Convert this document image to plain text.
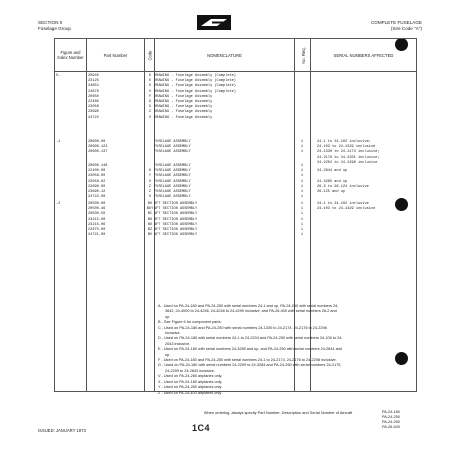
SECTION II
Fuselage Group
COMPLETE FUSELAGE
(Sire Code "A")
Figure and Index Number	Part Number	Code	NOMENCLATURE	No. Req.	SERIAL NUMBERS AFFECTED

5-	20940	D DRAWING - Fuselage Assembly (Complete)
23125	E DRAWING - Fuselage Assembly (Complete)
24854	X DRAWING - Fuselage Assembly (Complete)
24879	V DRAWING - Fuselage Assembly (Complete)
20650	F DRAWING - Fuselage Assembly
22480	G DRAWING - Fuselage Assembly
23058	X DRAWING - Fuselage Assembly
23690	Z DRAWING - Fuselage Assembly
24722	V DRAWING - Fuselage Assembly
-1	20600-00	FUSELAGE ASSEMBLY	1	24-1 to 24-102 inclusive;
20600-123	FUSELAGE ASSEMBLY	1	24-103 to 24-1329 inclusive
20600-137	FUSELAGE ASSEMBLY	1	24-1330 to 24-2174 inclusive;
24-2176 to 24-2201 inclusive;
24-2202 to 24-2298 inclusive
20600-146	FUSELAGE ASSEMBLY	1
22400-00	G FUSELAGE ASSEMBLY	1	24-2844 and up
23058-00	Y FUSELAGE ASSEMBLY	1
23058-02	X FUSELAGE ASSEMBLY	1	24-3285 and up
22690-00	Z FUSELAGE ASSEMBLY	1	26-3 to 26-124 inclusive
23690-12	Z FUSELAGE ASSEMBLY	1	26-125 and up
24722-00	V FUSELAGE ASSEMBLY	1
-2	20500-00	BX AFT SECTION ASSEMBLY	1	24-1 to 24-102 inclusive
20500-46	BXY AFT SECTION ASSEMBLY	1	24-103 to 24-1329 inclusive
20500-56	BC AFT SECTION ASSEMBLY	1
23215-00	BG AFT SECTION ASSEMBLY	1
23215-06	BX AFT SECTION ASSEMBLY	1
22675-00	BZ AFT SECTION ASSEMBLY	1
24721-00	BV AFT SECTION ASSEMBLY	1
A - Used on PA-24-180 and PA-24-250 with serial numbers 24-1 and up, PA-24-260 with serial numbers 24-3642, 24-4000 to 24-4246, 24-4248 to 24-4299 inclusive, and PA-26-400 with serial numbers 26-2 and up.
B - See Figure 6 for component parts.
C - Used on PA-24-180 and PA-24-250 with serial numbers 24-1330 to 24-2174, 24-2176 to 24-2298 inclusive.
D - Used on PA-24-180 with serial numbers 24-1 to 24-2204 and PA-24-250 with serial numbers 24-105 to 24-2043 inclusive.
E - Used on PA-24-180 with serial numbers 24-3285 and up, and PA-24-250 with serial numbers 24-2844 and up.
F - Used on PA-24-180 and PA-24-250 with serial numbers 24-1 to 24-2174, 24-2176 to 24-2298 inclusive.
G - Used on PA-24-180 with serial numbers 24-2299 to 24-3284 and PA-24-250 with serial numbers 24-2175, 24-2299 to 24-2843 inclusive.
V - Used on PA-24-260 airplanes only.
X - Used on PA-24-180 airplanes only.
Y - Used on PA-24-250 airplanes only.
Z - Used on PA-24-400 airplanes only.
When ordering, always specify Part Number, Description and Serial Number of Aircraft
ISSUED: JANUARY 1973	1C4
PA-24-180
PA-24-250
PA-24-260
PA-26-400
